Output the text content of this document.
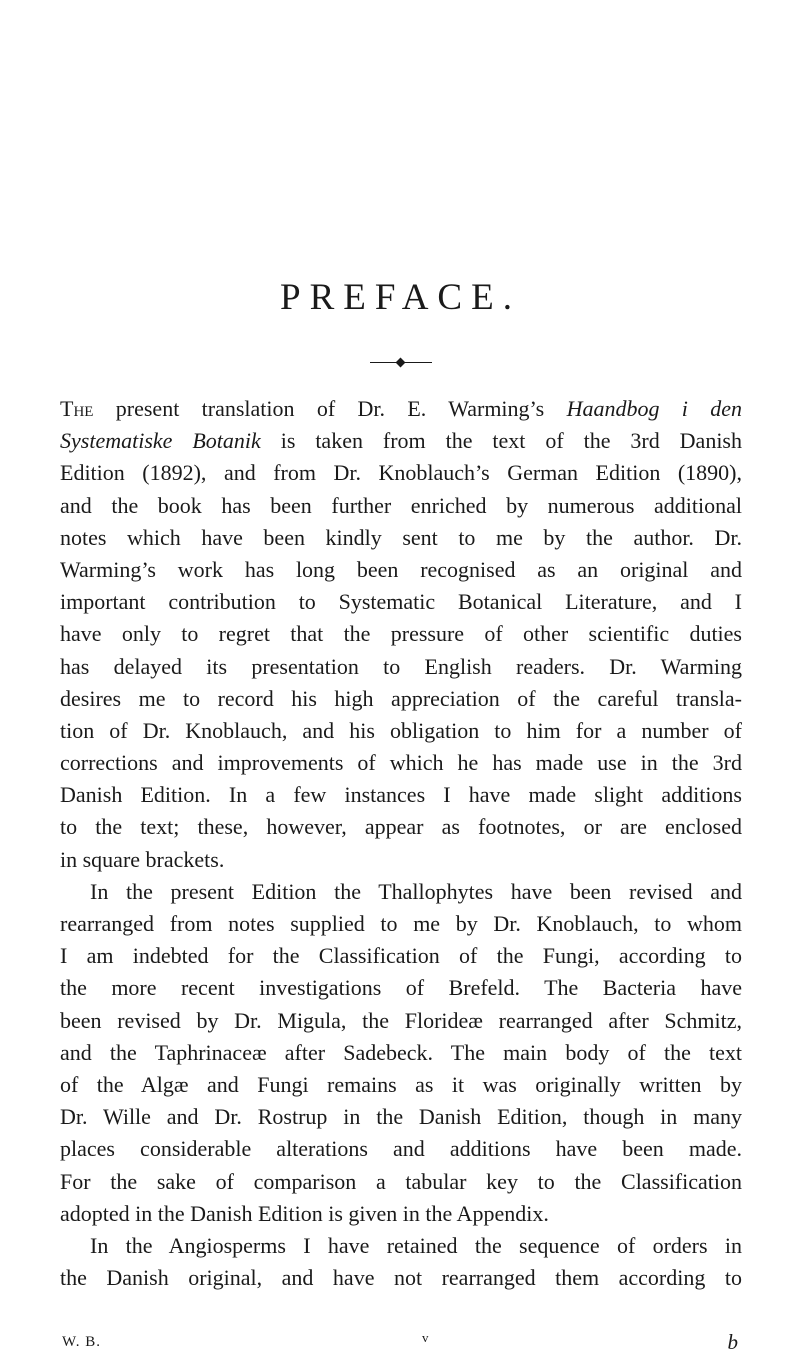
PREFACE.
The present translation of Dr. E. Warming’s Haandbog i den
Systematiske Botanik is taken from the text of the 3rd Danish
Edition (1892), and from Dr. Knoblauch’s German Edition (1890),
and the book has been further enriched by numerous additional
notes which have been kindly sent to me by the author. Dr.
Warming’s work has long been recognised as an original and
important contribution to Systematic Botanical Literature, and I
have only to regret that the pressure of other scientific duties
has delayed its presentation to English readers. Dr. Warming
desires me to record his high appreciation of the careful transla-
tion of Dr. Knoblauch, and his obligation to him for a number of
corrections and improvements of which he has made use in the 3rd
Danish Edition. In a few instances I have made slight additions
to the text; these, however, appear as footnotes, or are enclosed
in square brackets.
In the present Edition the Thallophytes have been revised and
rearranged from notes supplied to me by Dr. Knoblauch, to whom
I am indebted for the Classification of the Fungi, according to
the more recent investigations of Brefeld. The Bacteria have
been revised by Dr. Migula, the Florideæ rearranged after Schmitz,
and the Taphrinaceæ after Sadebeck. The main body of the text
of the Algæ and Fungi remains as it was originally written by
Dr. Wille and Dr. Rostrup in the Danish Edition, though in many
places considerable alterations and additions have been made.
For the sake of comparison a tabular key to the Classification
adopted in the Danish Edition is given in the Appendix.
In the Angiosperms I have retained the sequence of orders in
the Danish original, and have not rearranged them according to
W. B.	v	b
